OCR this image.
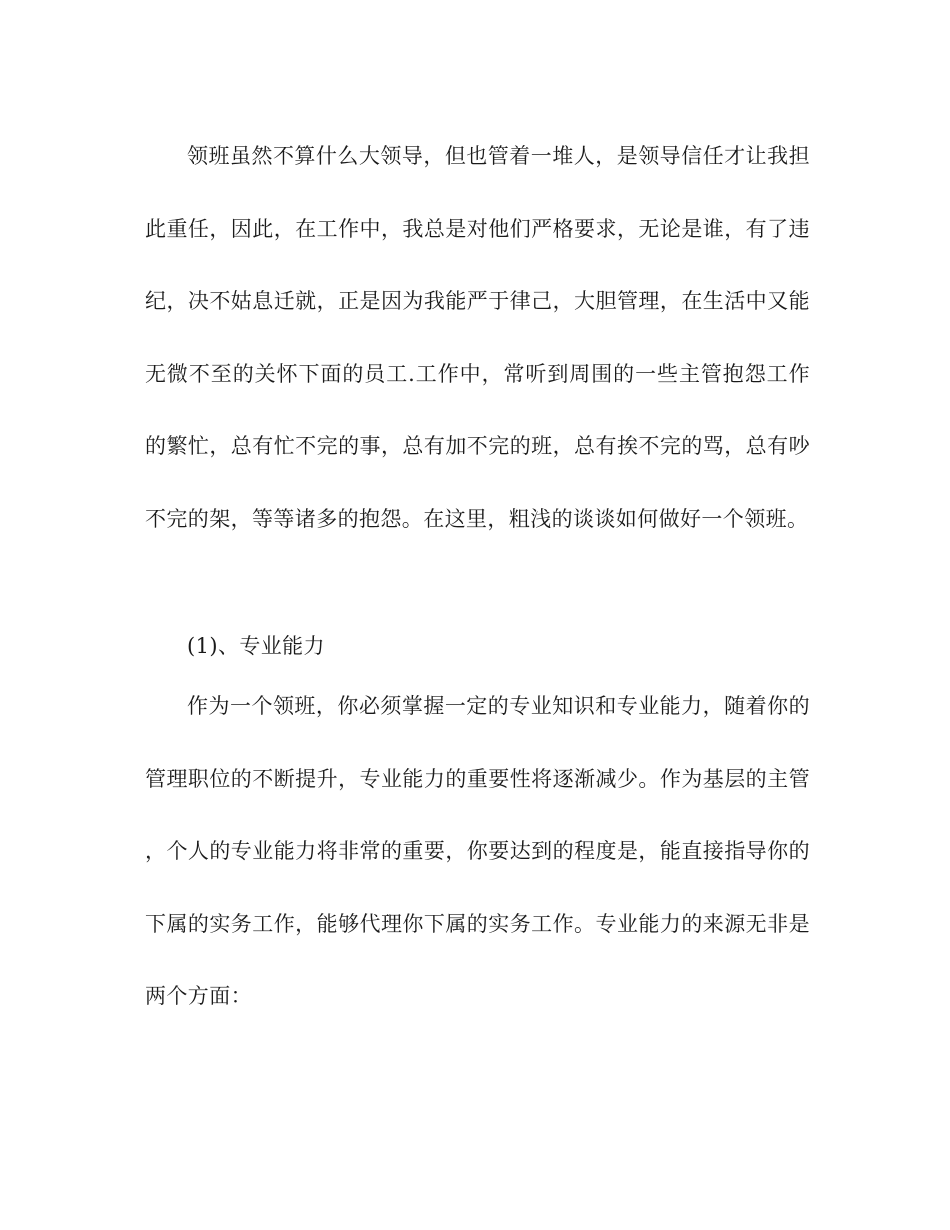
领班虽然不算什么大领导，但也管着一堆人，是领导信任才让我担此重任，因此，在工作中，我总是对他们严格要求，无论是谁，有了违纪，决不姑息迁就，正是因为我能严于律己，大胆管理，在生活中又能无微不至的关怀下面的员工.工作中，常听到周围的一些主管抱怨工作的繁忙，总有忙不完的事，总有加不完的班，总有挨不完的骂，总有吵不完的架，等等诸多的抱怨。在这里，粗浅的谈谈如何做好一个领班。

(1)、专业能力

作为一个领班，你必须掌握一定的专业知识和专业能力，随着你的管理职位的不断提升，专业能力的重要性将逐渐减少。作为基层的主管，个人的专业能力将非常的重要，你要达到的程度是，能直接指导你的下属的实务工作，能够代理你下属的实务工作。专业能力的来源无非是两个方面：
